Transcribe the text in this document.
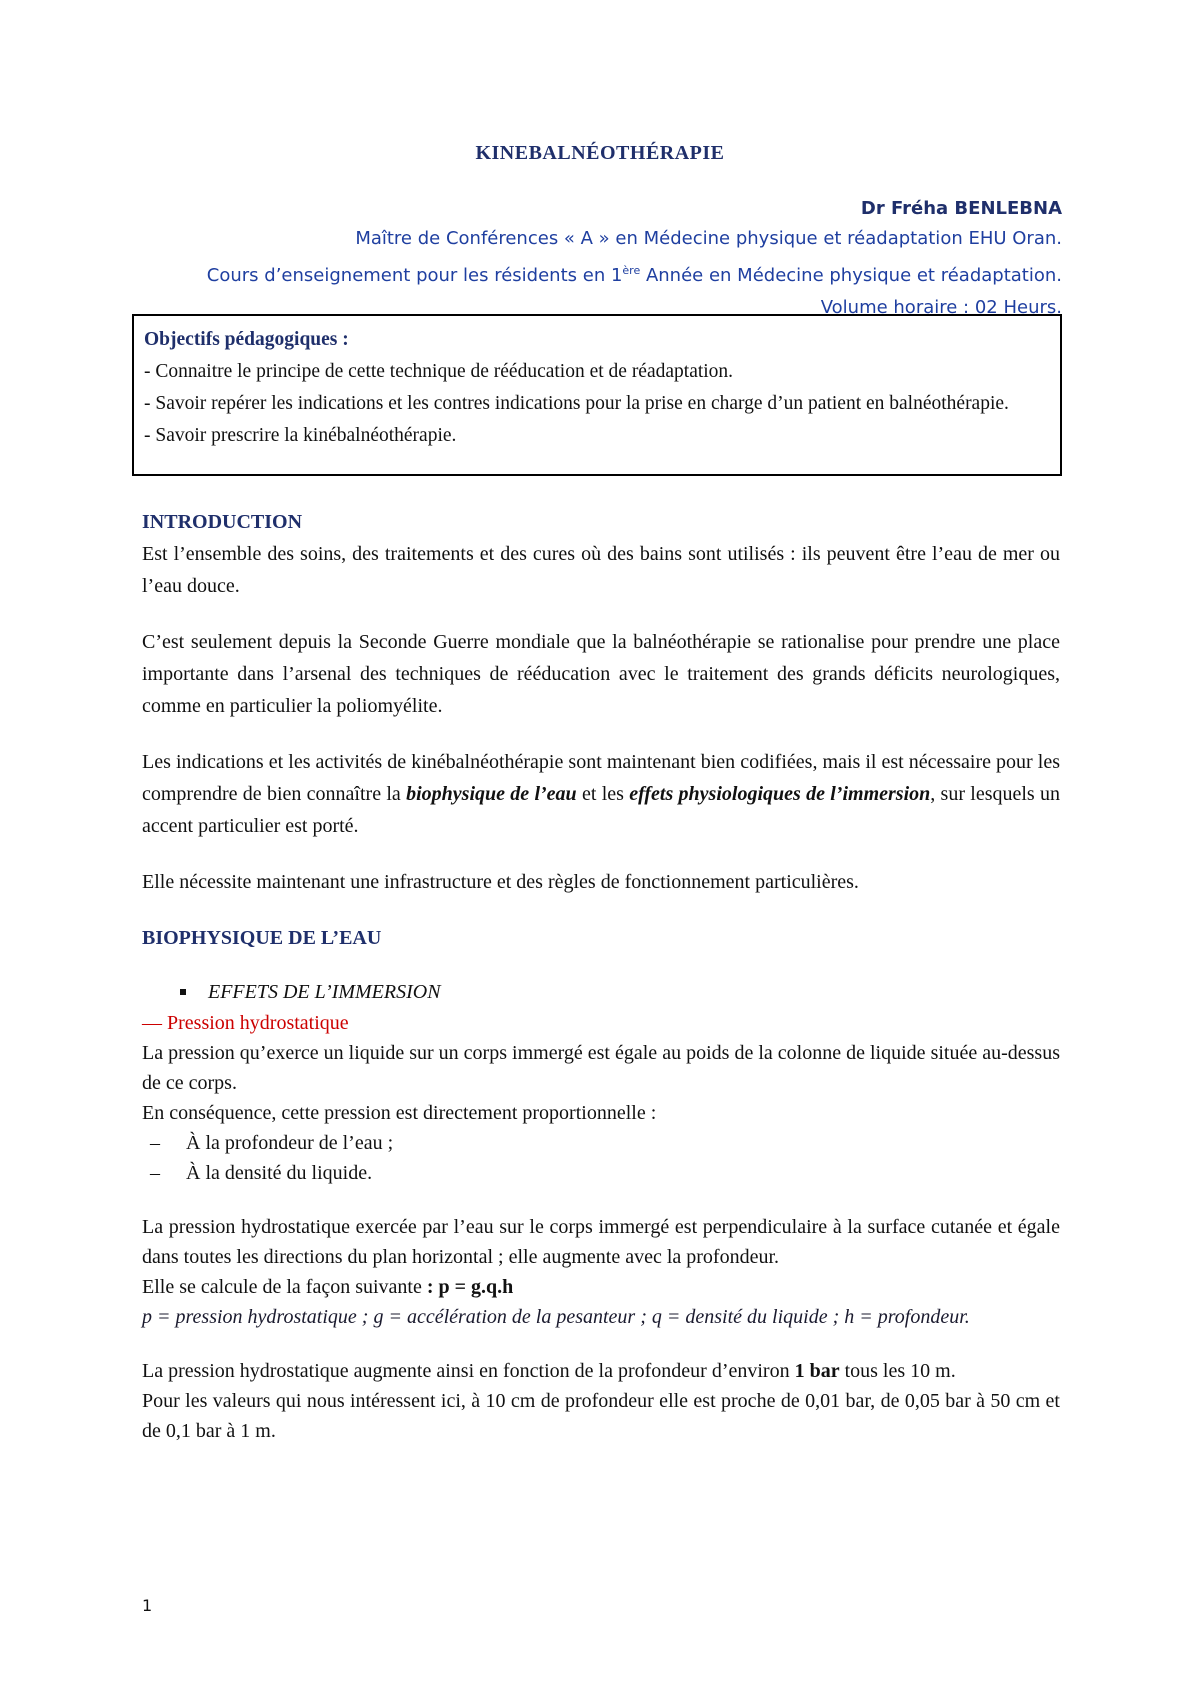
KINEBALNÉOTHÉRAPIE
Dr Fréha BENLEBNA
Maître de Conférences « A » en Médecine physique et réadaptation EHU Oran.
Cours d’enseignement pour les résidents en 1ère Année en Médecine physique et réadaptation.
Volume horaire : 02 Heurs.
Objectifs pédagogiques :
- Connaitre le principe de cette technique de rééducation et de réadaptation.
- Savoir repérer les indications et les contres indications pour la prise en charge d’un patient en balnéothérapie.
- Savoir prescrire la kinébalnéothérapie.
INTRODUCTION

Est l’ensemble des soins, des traitements et des cures où des bains sont utilisés : ils peuvent être l’eau de mer ou l’eau douce.

C’est seulement depuis la Seconde Guerre mondiale que la balnéothérapie se rationalise pour prendre une place importante dans l’arsenal des techniques de rééducation avec le traitement des grands déficits neurologiques, comme en particulier la poliomyélite.

Les indications et les activités de kinébalnéothérapie sont maintenant bien codifiées, mais il est nécessaire pour les comprendre de bien connaître la biophysique de l’eau et les effets physiologiques de l’immersion, sur lesquels un accent particulier est porté.

Elle nécessite maintenant une infrastructure et des règles de fonctionnement particulières.

BIOPHYSIQUE DE L’EAU
EFFETS DE L’IMMERSION
— Pression hydrostatique

La pression qu’exerce un liquide sur un corps immergé est égale au poids de la colonne de liquide située au-dessus de ce corps.

En conséquence, cette pression est directement proportionnelle :

–	À la profondeur de l’eau ;
–	À la densité du liquide.

La pression hydrostatique exercée par l’eau sur le corps immergé est perpendiculaire à la surface cutanée et égale dans toutes les directions du plan horizontal ; elle augmente avec la profondeur.

Elle se calcule de la façon suivante : p = g.q.h

p = pression hydrostatique ; g = accélération de la pesanteur ; q = densité du liquide ; h = profondeur.

La pression hydrostatique augmente ainsi en fonction de la profondeur d’environ 1 bar tous les 10 m.

Pour les valeurs qui nous intéressent ici, à 10 cm de profondeur elle est proche de 0,01 bar, de 0,05 bar à 50 cm et de 0,1 bar à 1 m.

1
